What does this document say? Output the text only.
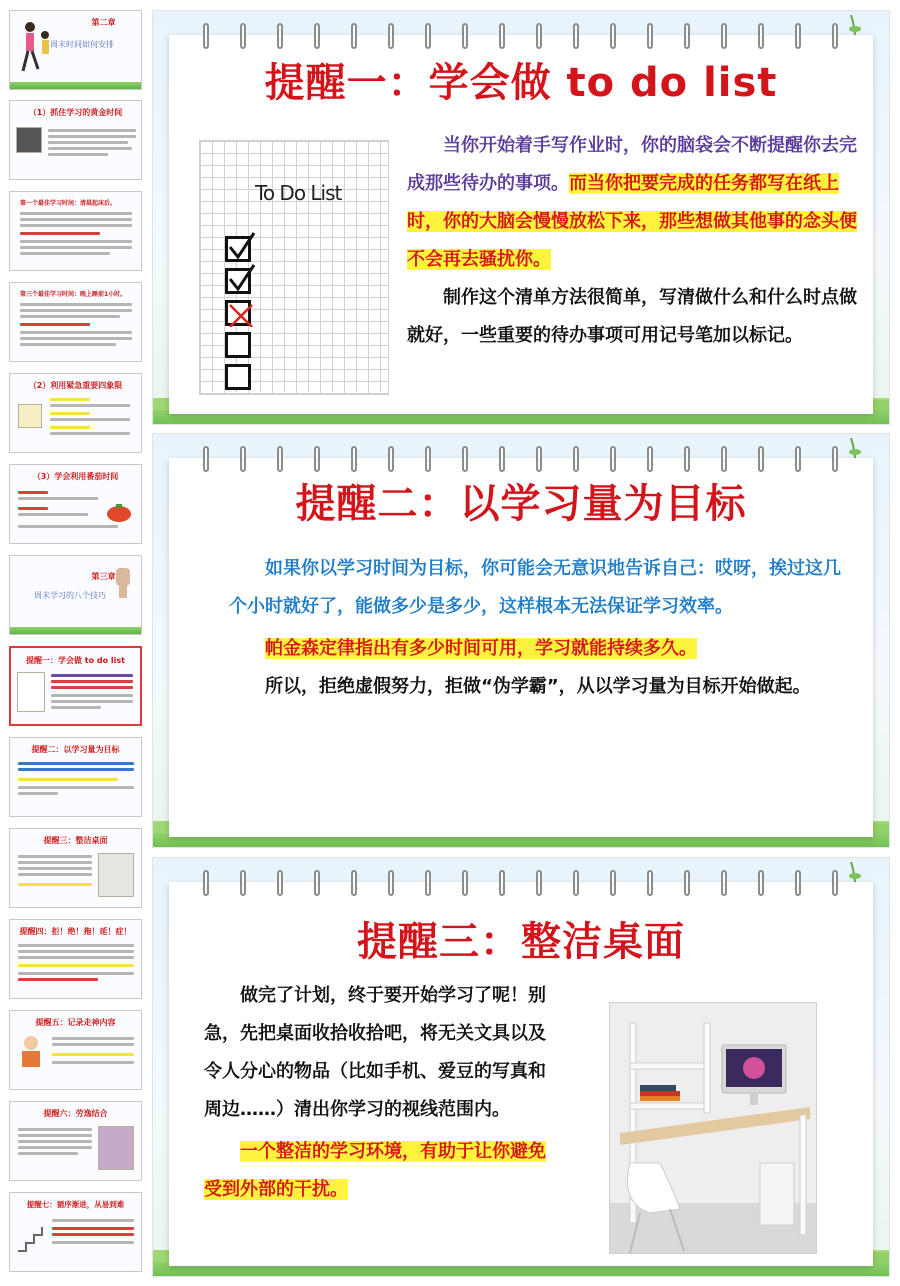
第二章
周末时间如何安排
（1）抓住学习的黄金时间
第一个最佳学习时间：清晨起床后。
第三个最佳学习时间：晚上睡前1小时。
（2）利用紧急重要四象限
（3）学会利用番茄时间
第三章
周末学习的八个技巧
提醒一：学会做 to do list
提醒二：以学习量为目标
提醒三：整洁桌面
提醒四：拒！绝！拖！延！症！
提醒五：记录走神内容
提醒六：劳逸结合
提醒七：循序渐进，从易到难
提醒一：学会做 to do list
To Do List
当你开始着手写作业时，你的脑袋会不断提醒你去完成那些待办的事项。而当你把要完成的任务都写在纸上时，你的大脑会慢慢放松下来，那些想做其他事的念头便不会再去骚扰你。
制作这个清单方法很简单，写清做什么和什么时点做就好，一些重要的待办事项可用记号笔加以标记。
提醒二：以学习量为目标
如果你以学习时间为目标，你可能会无意识地告诉自己：哎呀，挨过这几个小时就好了，能做多少是多少，这样根本无法保证学习效率。
帕金森定律指出有多少时间可用，学习就能持续多久。
所以，拒绝虚假努力，拒做“伪学霸”，从以学习量为目标开始做起。
提醒三：整洁桌面
做完了计划，终于要开始学习了呢！别急，先把桌面收拾收拾吧，将无关文具以及令人分心的物品（比如手机、爱豆的写真和周边……）清出你学习的视线范围内。
一个整洁的学习环境，有助于让你避免受到外部的干扰。
